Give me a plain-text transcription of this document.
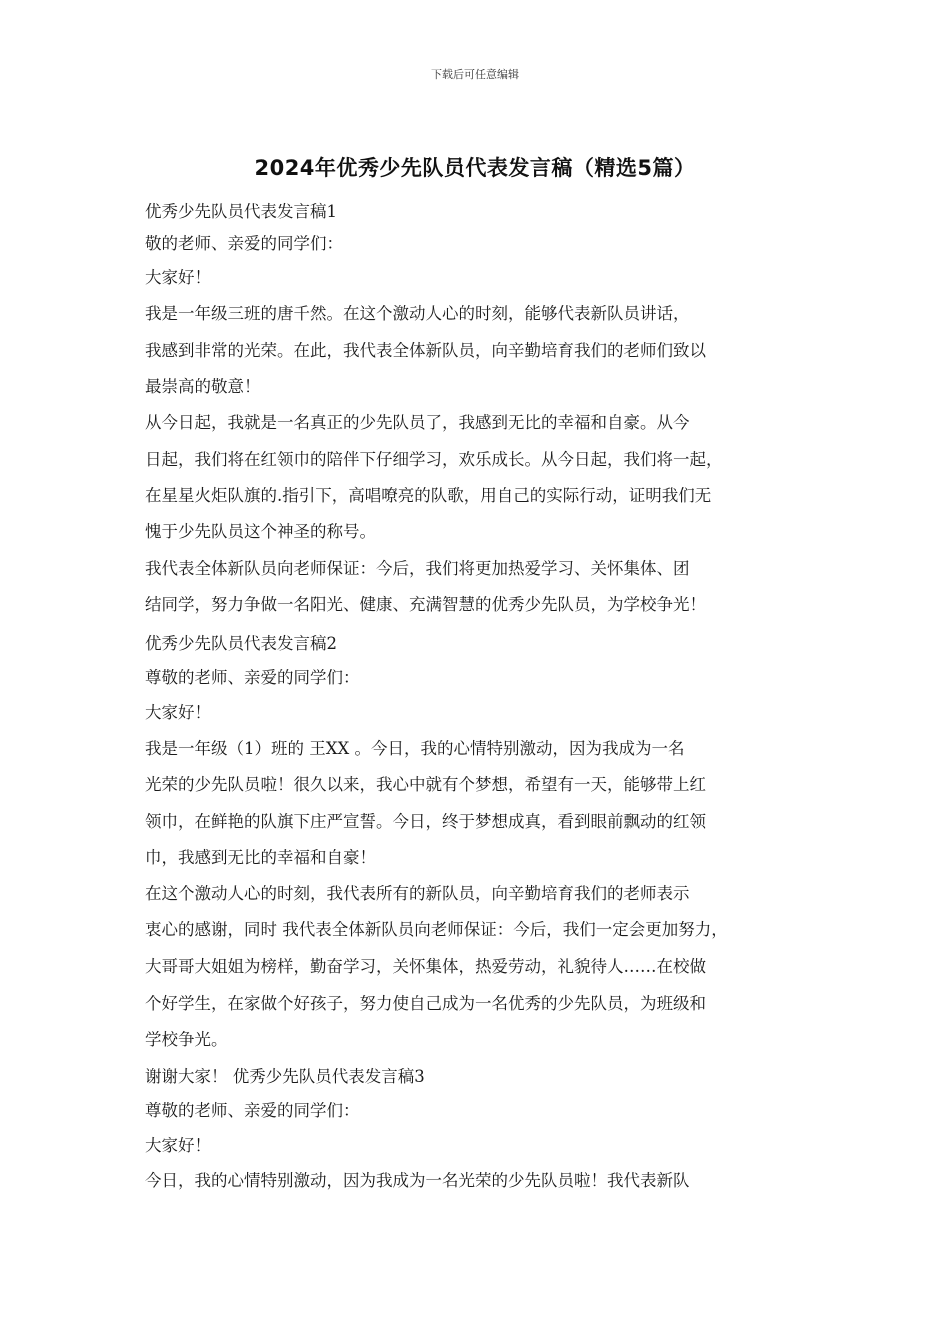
下载后可任意编辑
2024年优秀少先队员代表发言稿（精选5篇）
优秀少先队员代表发言稿1
敬的老师、亲爱的同学们：
大家好！
我是一年级三班的唐千然。在这个激动人心的时刻，能够代表新队员讲话，
我感到非常的光荣。在此，我代表全体新队员，向辛勤培育我们的老师们致以
最崇高的敬意！
从今日起，我就是一名真正的少先队员了，我感到无比的幸福和自豪。从今
日起，我们将在红领巾的陪伴下仔细学习，欢乐成长。从今日起，我们将一起，
在星星火炬队旗的.指引下，高唱嘹亮的队歌，用自己的实际行动，证明我们无
愧于少先队员这个神圣的称号。
我代表全体新队员向老师保证：今后，我们将更加热爱学习、关怀集体、团
结同学，努力争做一名阳光、健康、充满智慧的优秀少先队员，为学校争光！
优秀少先队员代表发言稿2
尊敬的老师、亲爱的同学们：
大家好！
我是一年级（1）班的 王XX 。今日，我的心情特别激动，因为我成为一名
光荣的少先队员啦！很久以来，我心中就有个梦想，希望有一天，能够带上红
领巾，在鲜艳的队旗下庄严宣誓。今日，终于梦想成真，看到眼前飘动的红领
巾，我感到无比的幸福和自豪！
在这个激动人心的时刻，我代表所有的新队员，向辛勤培育我们的老师表示
衷心的感谢，同时 我代表全体新队员向老师保证：今后，我们一定会更加努力，
大哥哥大姐姐为榜样，勤奋学习，关怀集体，热爱劳动，礼貌待人……在校做
个好学生，在家做个好孩子，努力使自己成为一名优秀的少先队员，为班级和
学校争光。
谢谢大家！ 优秀少先队员代表发言稿3
尊敬的老师、亲爱的同学们：
大家好！
今日，我的心情特别激动，因为我成为一名光荣的少先队员啦！我代表新队
